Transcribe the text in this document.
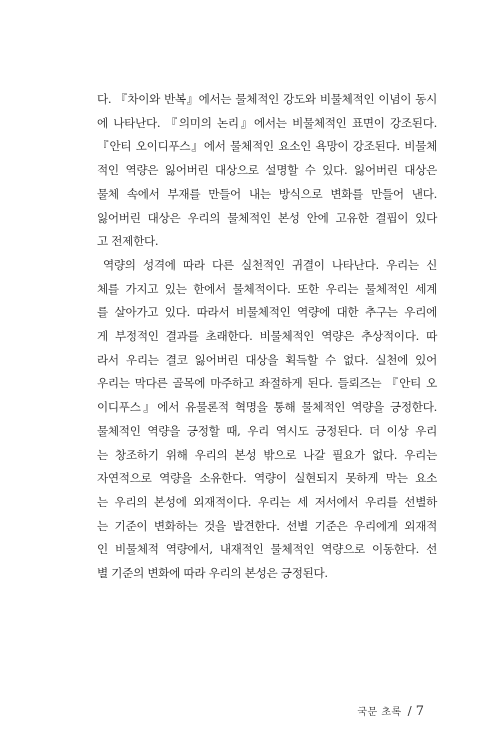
다. 『차이와 반복』에서는 물체적인 강도와 비물체적인 이념이 동시
에 나타난다. 『의미의 논리』에서는 비물체적인 표면이 강조된다.
『안티 오이디푸스』에서 물체적인 요소인 욕망이 강조된다. 비물체
적인 역량은 잃어버린 대상으로 설명할 수 있다. 잃어버린 대상은
물체 속에서 부재를 만들어 내는 방식으로 변화를 만들어 낸다.
잃어버린 대상은 우리의 물체적인 본성 안에 고유한 결핍이 있다
고 전제한다.
역량의 성격에 따라 다른 실천적인 귀결이 나타난다. 우리는 신
체를 가지고 있는 한에서 물체적이다. 또한 우리는 물체적인 세계
를 살아가고 있다. 따라서 비물체적인 역량에 대한 추구는 우리에
게 부정적인 결과를 초래한다. 비물체적인 역량은 추상적이다. 따
라서 우리는 결코 잃어버린 대상을 획득할 수 없다. 실천에 있어
우리는 막다른 골목에 마주하고 좌절하게 된다. 들뢰즈는 『안티 오
이디푸스』에서 유물론적 혁명을 통해 물체적인 역량을 긍정한다.
물체적인 역량을 긍정할 때, 우리 역시도 긍정된다. 더 이상 우리
는 창조하기 위해 우리의 본성 밖으로 나갈 필요가 없다. 우리는
자연적으로 역량을 소유한다. 역량이 실현되지 못하게 막는 요소
는 우리의 본성에 외재적이다. 우리는 세 저서에서 우리를 선별하
는 기준이 변화하는 것을 발견한다. 선별 기준은 우리에게 외재적
인 비물체적 역량에서, 내재적인 물체적인 역량으로 이동한다. 선
별 기준의 변화에 따라 우리의 본성은 긍정된다.
국문 초록 / 7
